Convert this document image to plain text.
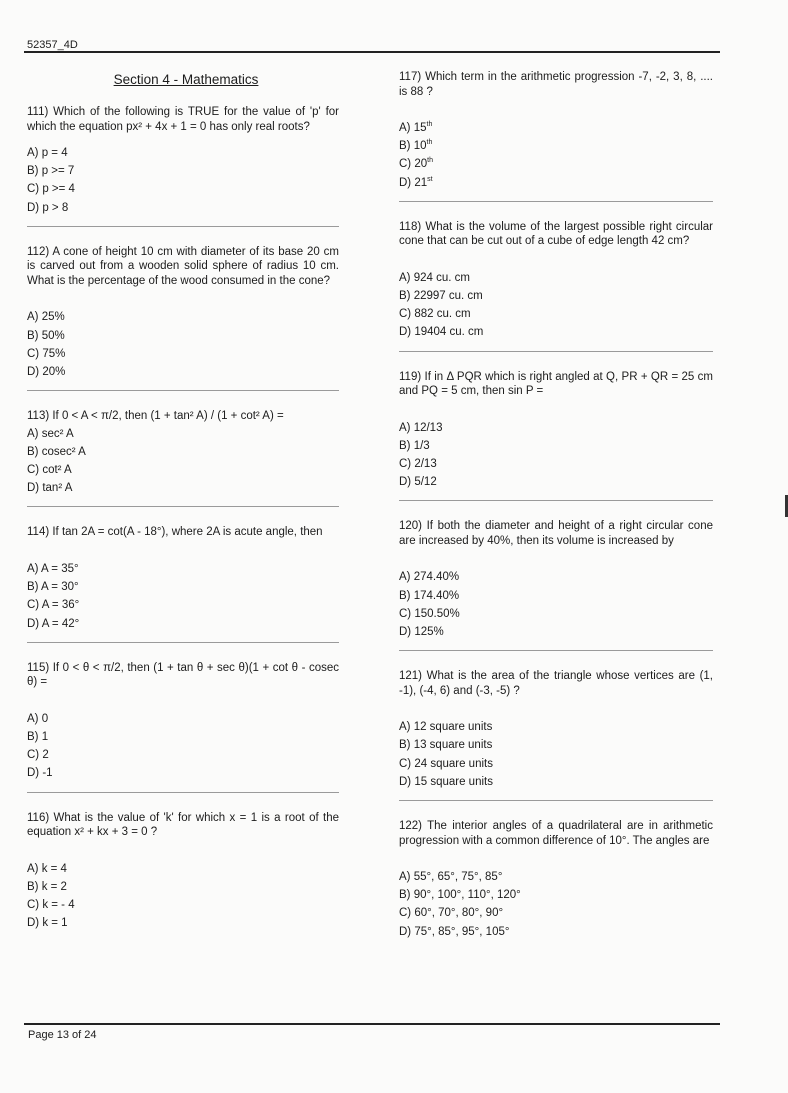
52357_4D
Section 4 - Mathematics

111) Which of the following is TRUE for the value of 'p' for which the equation px² + 4x + 1 = 0 has only real roots?

A) p = 4
B) p >= 7
C) p >= 4
D) p > 8

112) A cone of height 10 cm with diameter of its base 20 cm is carved out from a wooden solid sphere of radius 10 cm. What is the percentage of the wood consumed in the cone?

A) 25%
B) 50%
C) 75%
D) 20%

113) If 0 < A < π/2, then (1 + tan² A) / (1 + cot² A) =

A) sec² A
B) cosec² A
C) cot² A
D) tan² A

114) If tan 2A = cot(A - 18°), where 2A is acute angle, then

A) A = 35°
B) A = 30°
C) A = 36°
D) A = 42°

115) If 0 < θ < π/2, then (1 + tan θ + sec θ)(1 + cot θ - cosec θ) =

A) 0
B) 1
C) 2
D) -1

116) What is the value of 'k' for which x = 1 is a root of the equation x² + kx + 3 = 0 ?

A) k = 4
B) k = 2
C) k = - 4
D) k = 1

117) Which term in the arithmetic progression -7, -2, 3, 8, .... is 88 ?

A) 15th
B) 10th
C) 20th
D) 21st

118) What is the volume of the largest possible right circular cone that can be cut out of a cube of edge length 42 cm?

A) 924 cu. cm
B) 22997 cu. cm
C) 882 cu. cm
D) 19404 cu. cm

119) If in Δ PQR which is right angled at Q, PR + QR = 25 cm and PQ = 5 cm, then sin P =

A) 12/13
B) 1/3
C) 2/13
D) 5/12

120) If both the diameter and height of a right circular cone are increased by 40%, then its volume is increased by

A) 274.40%
B) 174.40%
C) 150.50%
D) 125%

121) What is the area of the triangle whose vertices are (1, -1), (-4, 6) and (-3, -5) ?

A) 12 square units
B) 13 square units
C) 24 square units
D) 15 square units

122) The interior angles of a quadrilateral are in arithmetic progression with a common difference of 10°. The angles are

A) 55°, 65°, 75°, 85°
B) 90°, 100°, 110°, 120°
C) 60°, 70°, 80°, 90°
D) 75°, 85°, 95°, 105°
Page 13 of 24
